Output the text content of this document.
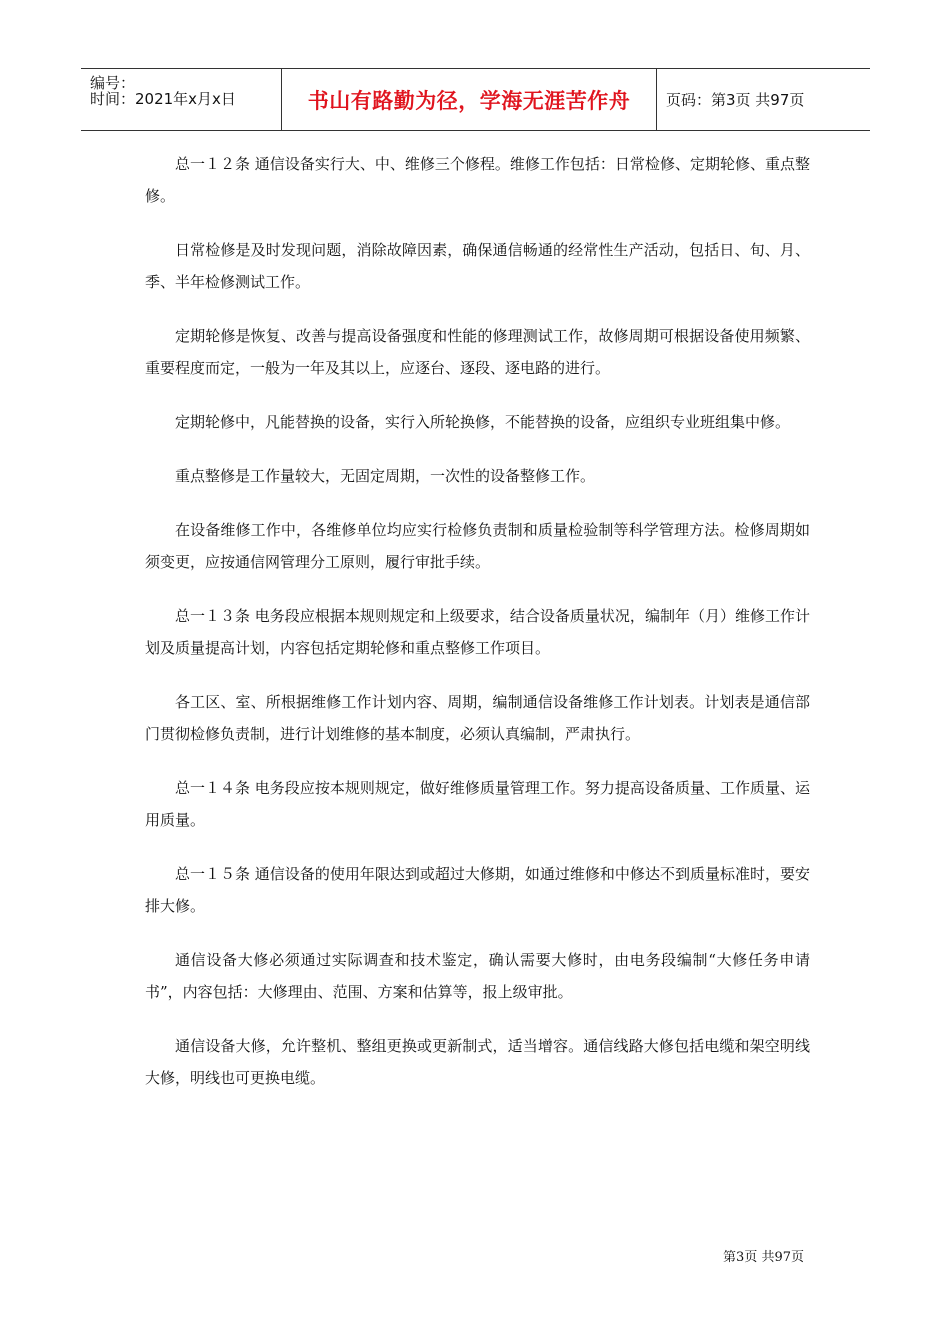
编号：
时间：2021年x月x日	书山有路勤为径，学海无涯苦作舟 页码：第3页 共97页

总一１２条 通信设备实行大、中、维修三个修程。维修工作包括：日常检修、定期轮修、重点整修。

日常检修是及时发现问题，消除故障因素，确保通信畅通的经常性生产活动，包括日、旬、月、季、半年检修测试工作。

定期轮修是恢复、改善与提高设备强度和性能的修理测试工作，故修周期可根据设备使用频繁、重要程度而定，一般为一年及其以上，应逐台、逐段、逐电路的进行。

定期轮修中，凡能替换的设备，实行入所轮换修，不能替换的设备，应组织专业班组集中修。

重点整修是工作量较大，无固定周期，一次性的设备整修工作。

在设备维修工作中，各维修单位均应实行检修负责制和质量检验制等科学管理方法。检修周期如须变更，应按通信网管理分工原则，履行审批手续。

总一１３条 电务段应根据本规则规定和上级要求，结合设备质量状况，编制年（月）维修工作计划及质量提高计划，内容包括定期轮修和重点整修工作项目。

各工区、室、所根据维修工作计划内容、周期，编制通信设备维修工作计划表。计划表是通信部门贯彻检修负责制，进行计划维修的基本制度，必须认真编制，严肃执行。

总一１４条 电务段应按本规则规定，做好维修质量管理工作。努力提高设备质量、工作质量、运用质量。

总一１５条 通信设备的使用年限达到或超过大修期，如通过维修和中修达不到质量标准时，要安排大修。

通信设备大修必须通过实际调查和技术鉴定，确认需要大修时，由电务段编制“大修任务申请书”，内容包括：大修理由、范围、方案和估算等，报上级审批。

通信设备大修，允许整机、整组更换或更新制式，适当增容。通信线路大修包括电缆和架空明线大修，明线也可更换电缆。

第3页 共97页
